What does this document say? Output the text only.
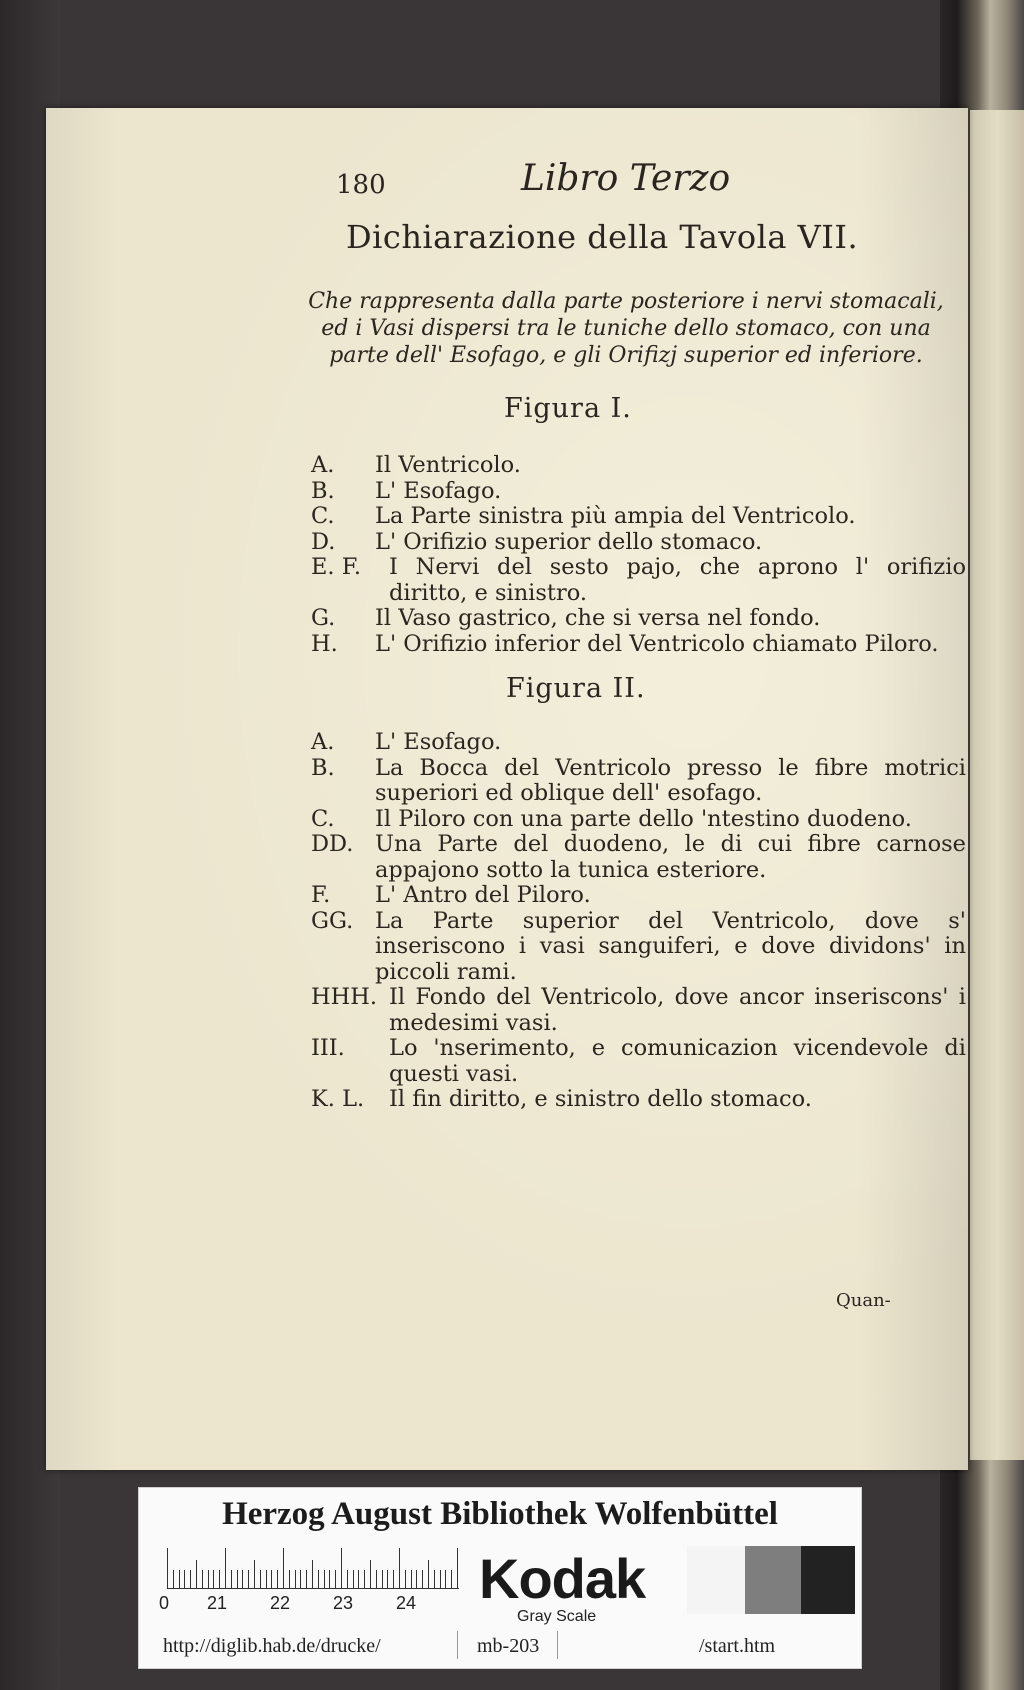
180	Libro Terzo
Dichiarazione della Tavola VII.
Che rappresenta dalla parte posteriore i nervi stomacali, ed i Vasi dispersi tra le tuniche dello stomaco, con una parte dell' Esofago, e gli Orifizj superior ed inferiore.
Figura I.
A. Il Ventricolo.
B. L' Esofago.
C. La Parte sinistra più ampia del Ventricolo.
D. L' Orifizio superior dello stomaco.
E. F. I Nervi del sesto pajo, che aprono l' orifizio diritto, e sinistro.
G. Il Vaso gastrico, che si versa nel fondo.
H. L' Orifizio inferior del Ventricolo chiamato Piloro.
Figura II.
A. L' Esofago.
B. La Bocca del Ventricolo presso le fibre motrici superiori ed oblique dell' esofago.
C. Il Piloro con una parte dello 'ntestino duodeno.
DD. Una Parte del duodeno, le di cui fibre carnose appajono sotto la tunica esteriore.
F. L' Antro del Piloro.
GG. La Parte superior del Ventricolo, dove s' inseriscono i vasi sanguiferi, e dove dividons' in piccoli rami.
HHH. Il Fondo del Ventricolo, dove ancor inseriscons' i medesimi vasi.
III. Lo 'nserimento, e comunicazion vicendevole di questi vasi.
K. L. Il fin diritto, e sinistro dello stomaco.
Quan-
Herzog August Bibliothek Wolfenbüttel
0 21 22 23 24 Kodak
Gray Scale
http://diglib.hab.de/drucke/	mb-203	/start.htm
